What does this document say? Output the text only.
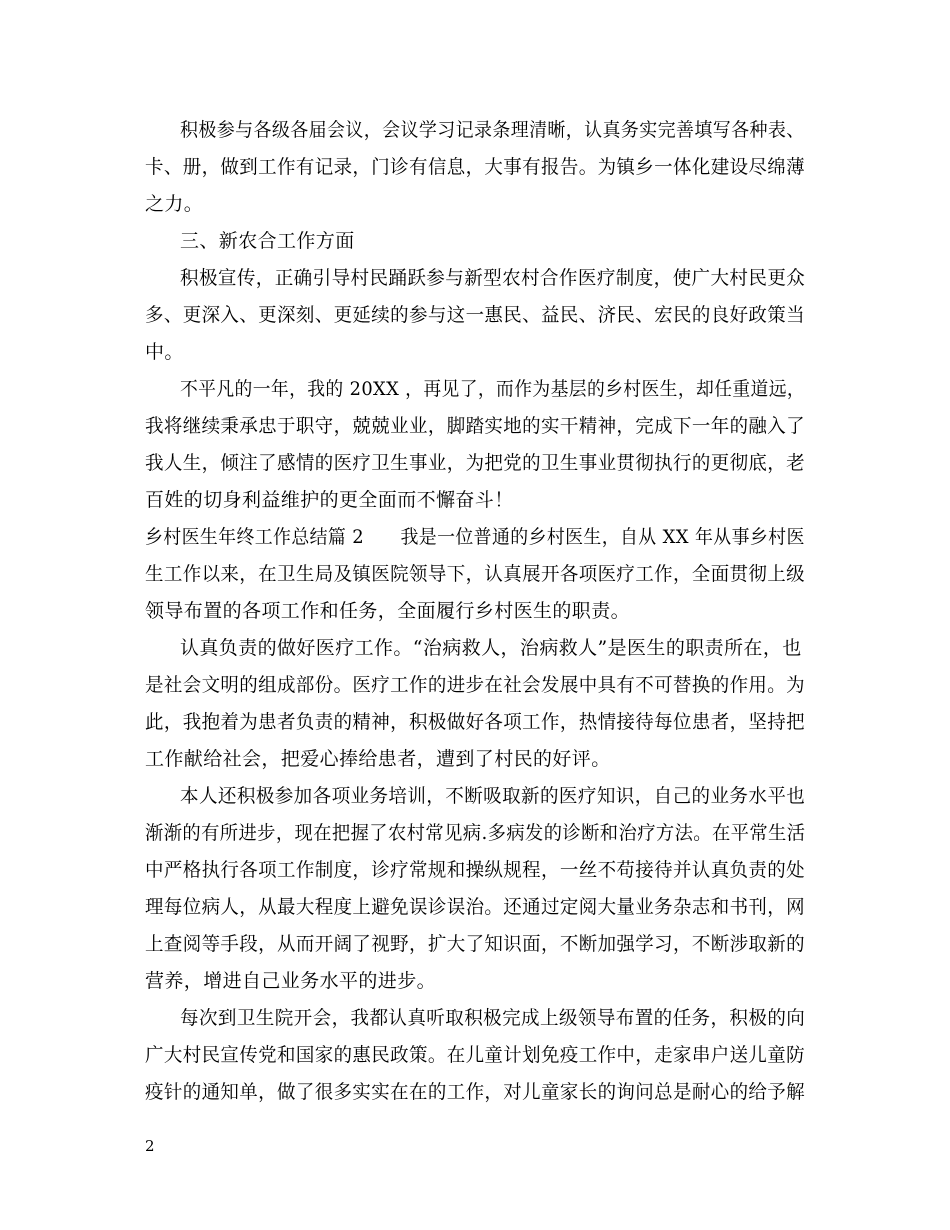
积极参与各级各届会议，会议学习记录条理清晰，认真务实完善填写各种表、
卡、册，做到工作有记录，门诊有信息，大事有报告。为镇乡一体化建设尽绵薄
之力。
三、新农合工作方面
积极宣传，正确引导村民踊跃参与新型农村合作医疗制度，使广大村民更众
多、更深入、更深刻、更延续的参与这一惠民、益民、济民、宏民的良好政策当
中。
不平凡的一年，我的 20XX ，再见了，而作为基层的乡村医生，却任重道远，
我将继续秉承忠于职守，兢兢业业，脚踏实地的实干精神，完成下一年的融入了
我人生，倾注了感情的医疗卫生事业，为把党的卫生事业贯彻执行的更彻底，老
百姓的切身利益维护的更全面而不懈奋斗！
乡村医生年终工作总结篇 2      我是一位普通的乡村医生，自从 XX 年从事乡村医
生工作以来，在卫生局及镇医院领导下，认真展开各项医疗工作，全面贯彻上级
领导布置的各项工作和任务，全面履行乡村医生的职责。
认真负责的做好医疗工作。“治病救人，治病救人”是医生的职责所在，也
是社会文明的组成部份。医疗工作的进步在社会发展中具有不可替换的作用。为
此，我抱着为患者负责的精神，积极做好各项工作，热情接待每位患者，坚持把
工作献给社会，把爱心捧给患者，遭到了村民的好评。
本人还积极参加各项业务培训，不断吸取新的医疗知识，自己的业务水平也
渐渐的有所进步，现在把握了农村常见病.多病发的诊断和治疗方法。在平常生活
中严格执行各项工作制度，诊疗常规和操纵规程，一丝不苟接待并认真负责的处
理每位病人，从最大程度上避免误诊误治。还通过定阅大量业务杂志和书刊，网
上查阅等手段，从而开阔了视野，扩大了知识面，不断加强学习，不断涉取新的
营养，增进自己业务水平的进步。
每次到卫生院开会，我都认真听取积极完成上级领导布置的任务，积极的向
广大村民宣传党和国家的惠民政策。在儿童计划免疫工作中，走家串户送儿童防
疫针的通知单，做了很多实实在在的工作，对儿童家长的询问总是耐心的给予解
2
